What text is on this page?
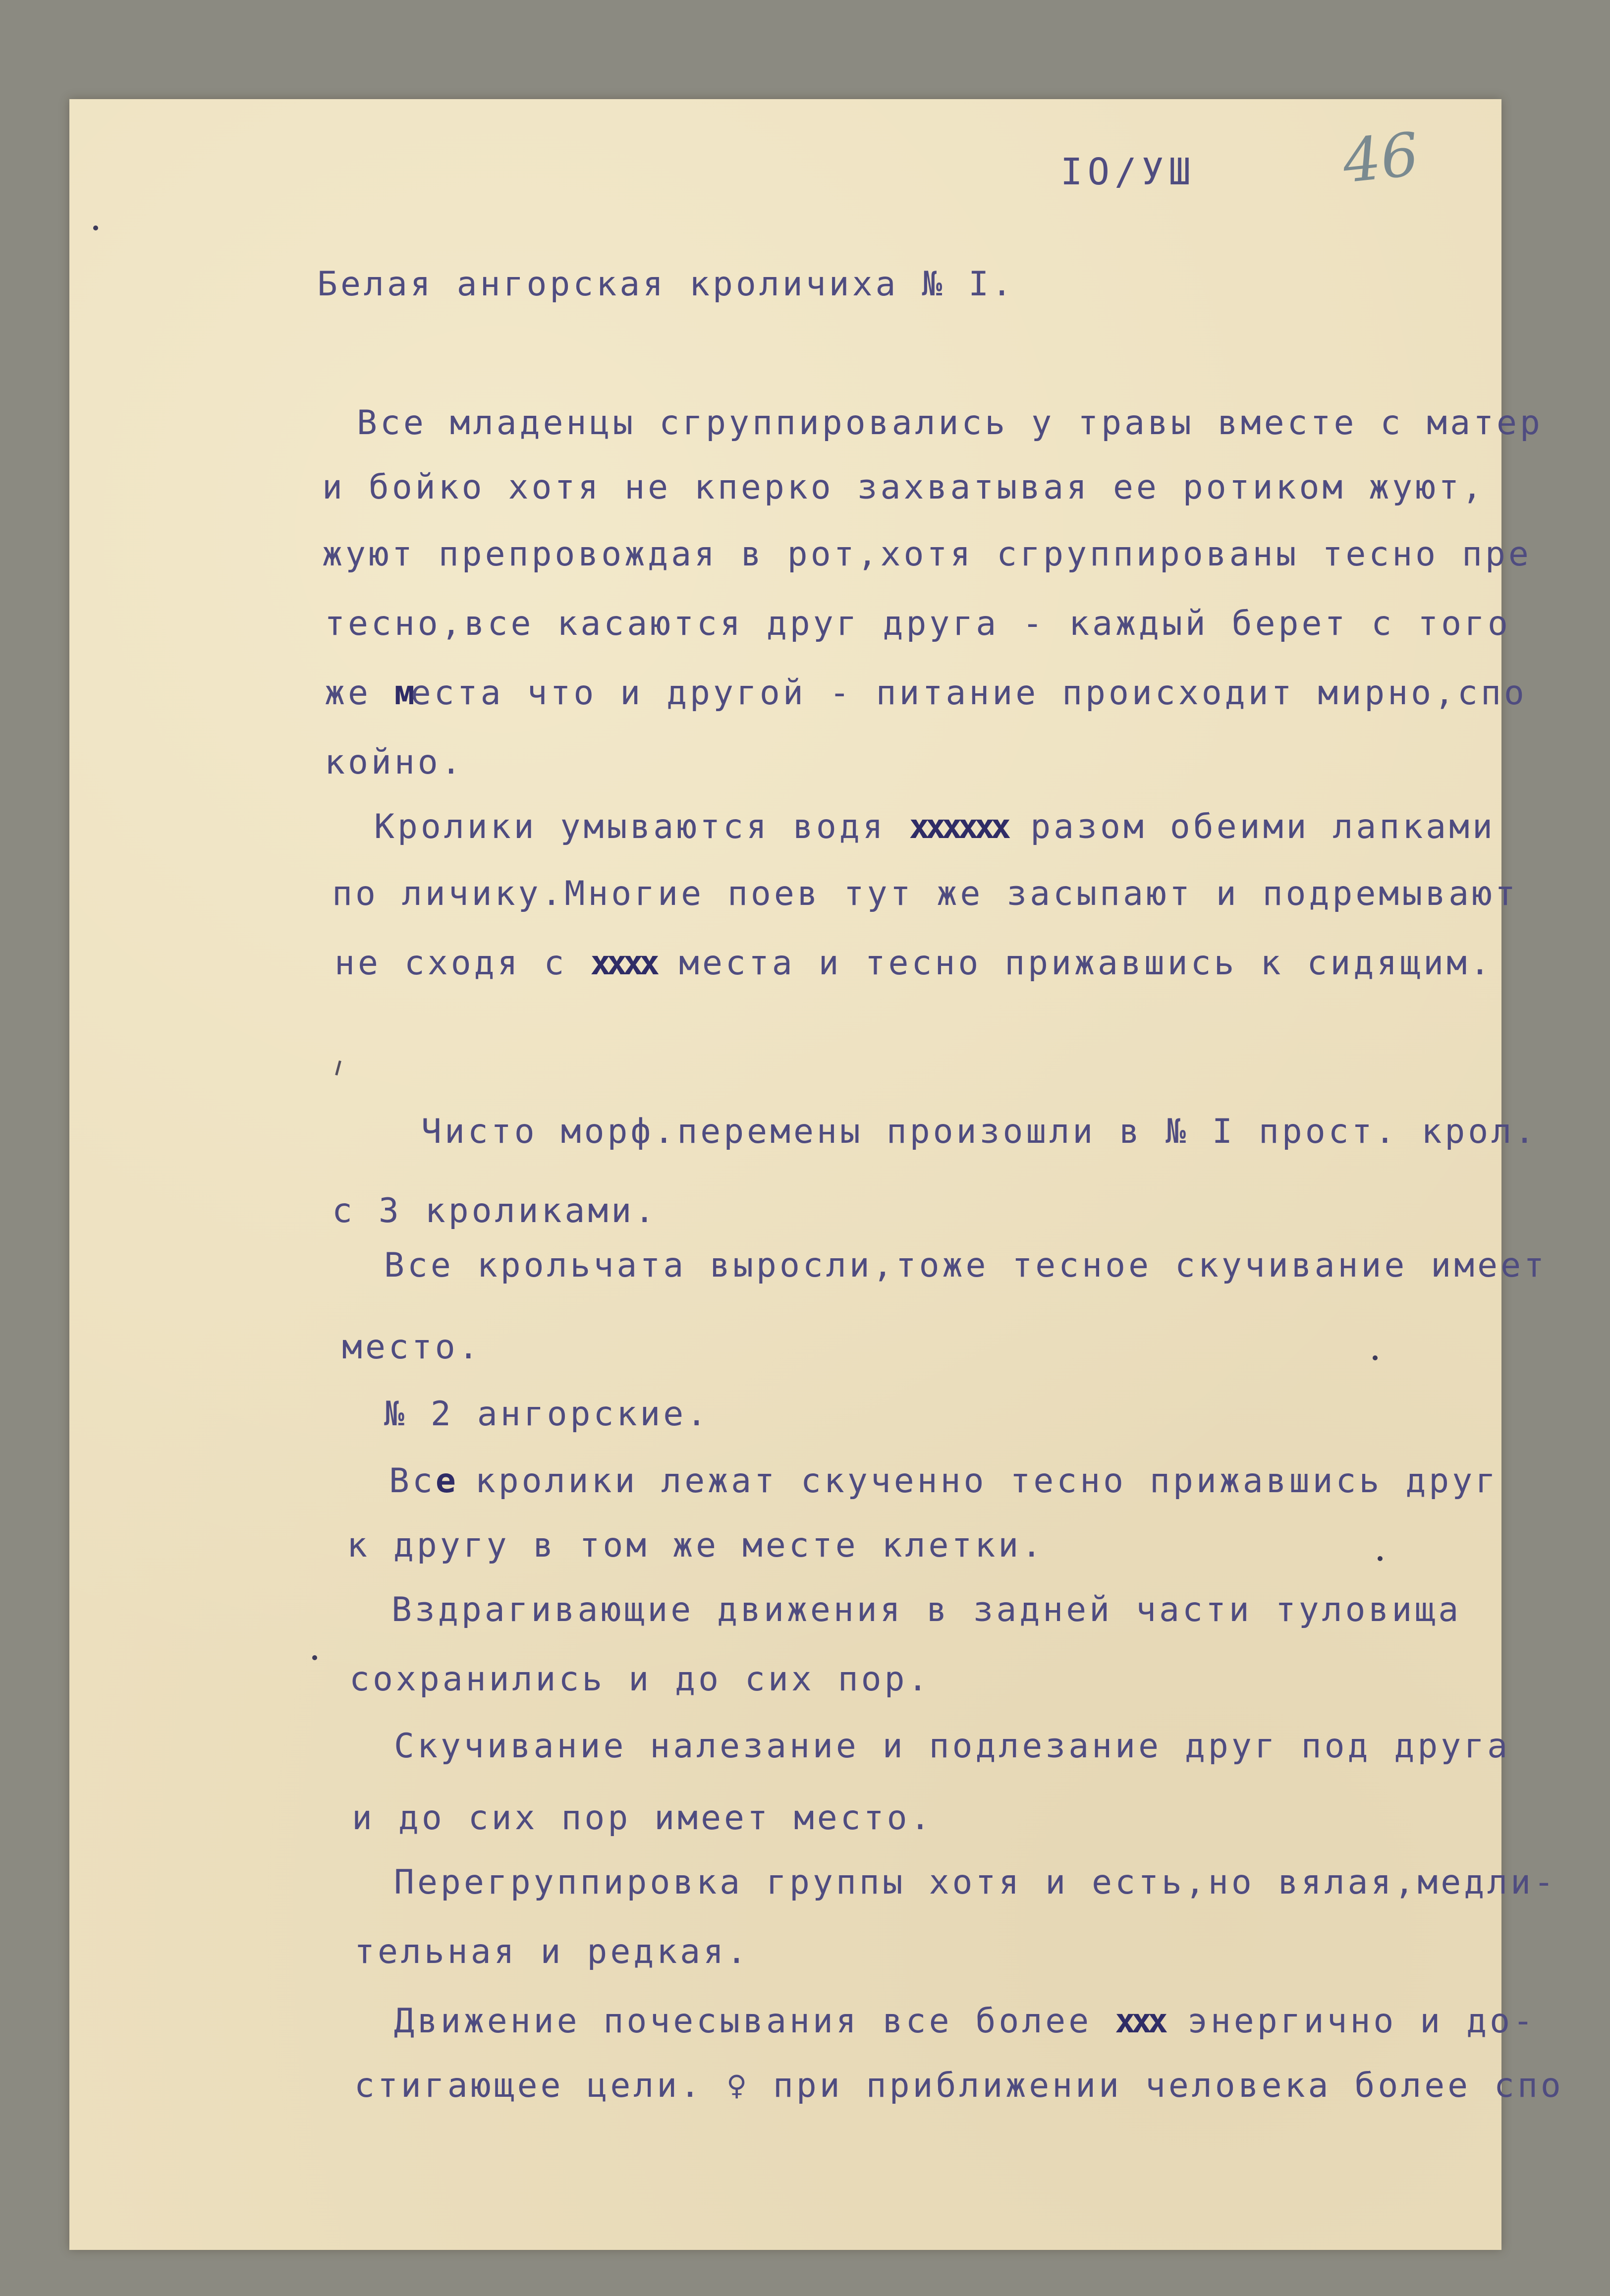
IO/УШ 46
Белая ангорская кроличиха № I.
Все младенцы сгруппировались у травы вместе с матер
и бойко хотя не кперко захватывая ее ротиком жуют,
жуют препровождая в рот,хотя сгруппированы тесно пре
тесно,все касаются друг друга - каждый берет с того
же места что и другой - питание происходит мирно,спо
койно.
Кролики умываются водя xxxxxx разом обеими лапками
по личику.Многие поев тут же засыпают и подремывают
не сходя с xxxx места и тесно прижавшись к сидящим.
Чисто морф.перемены произошли в № I прост. крол.
с 3 кроликами.
Все крольчата выросли,тоже тесное скучивание имеет
место.
№ 2 ангорские.
Все кролики лежат скученно тесно прижавшись друг
к другу в том же месте клетки.
Вздрагивающие движения в задней части туловища
сохранились и до сих пор.
Скучивание налезание и подлезание друг под друга
и до сих пор имеет место.
Перегруппировка группы хотя и есть,но вялая,медли-
тельная и редкая.
Движение почесывания все более xxx энергично и до-
стигающее цели. ♀ при приближении человека более спо
